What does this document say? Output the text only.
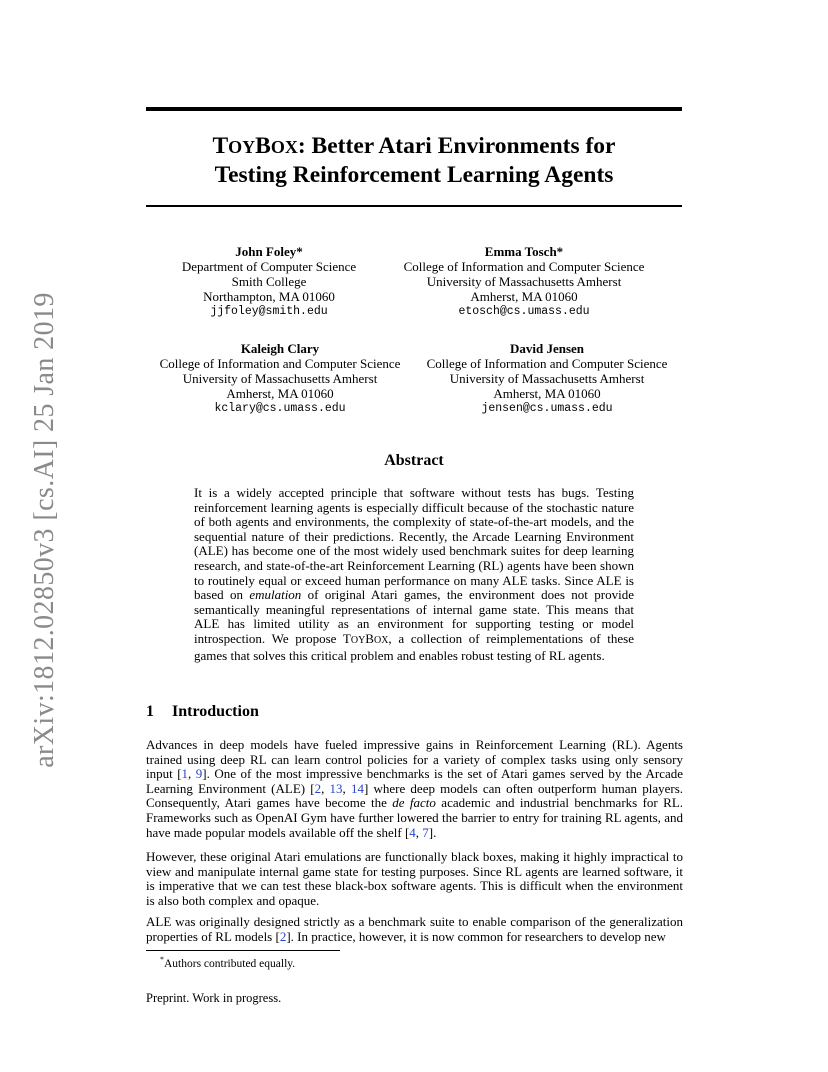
arXiv:1812.02850v3 [cs.AI] 25 Jan 2019
TOYBOX: Better Atari Environments for
Testing Reinforcement Learning Agents
John Foley*
Department of Computer Science
Smith College
Northampton, MA 01060
jjfoley@smith.edu
Emma Tosch*
College of Information and Computer Science
University of Massachusetts Amherst
Amherst, MA 01060
etosch@cs.umass.edu
Kaleigh Clary
College of Information and Computer Science
University of Massachusetts Amherst
Amherst, MA 01060
kclary@cs.umass.edu
David Jensen
College of Information and Computer Science
University of Massachusetts Amherst
Amherst, MA 01060
jensen@cs.umass.edu
Abstract
It is a widely accepted principle that software without tests has bugs. Testing reinforcement learning agents is especially difficult because of the stochastic nature of both agents and environments, the complexity of state-of-the-art models, and the sequential nature of their predictions. Recently, the Arcade Learning Environment (ALE) has become one of the most widely used benchmark suites for deep learning research, and state-of-the-art Reinforcement Learning (RL) agents have been shown to routinely equal or exceed human performance on many ALE tasks. Since ALE is based on emulation of original Atari games, the environment does not provide semantically meaningful representations of internal game state. This means that ALE has limited utility as an environment for supporting testing or model introspection. We propose TOYBOX, a collection of reimplementations of these games that solves this critical problem and enables robust testing of RL agents.
1 Introduction
Advances in deep models have fueled impressive gains in Reinforcement Learning (RL). Agents trained using deep RL can learn control policies for a variety of complex tasks using only sensory input [1, 9]. One of the most impressive benchmarks is the set of Atari games served by the Arcade Learning Environment (ALE) [2, 13, 14] where deep models can often outperform human players. Consequently, Atari games have become the de facto academic and industrial benchmarks for RL. Frameworks such as OpenAI Gym have further lowered the barrier to entry for training RL agents, and have made popular models available off the shelf [4, 7].
However, these original Atari emulations are functionally black boxes, making it highly impractical to view and manipulate internal game state for testing purposes. Since RL agents are learned software, it is imperative that we can test these black-box software agents. This is difficult when the environment is also both complex and opaque.
ALE was originally designed strictly as a benchmark suite to enable comparison of the generalization properties of RL models [2]. In practice, however, it is now common for researchers to develop new
*Authors contributed equally.
Preprint. Work in progress.
